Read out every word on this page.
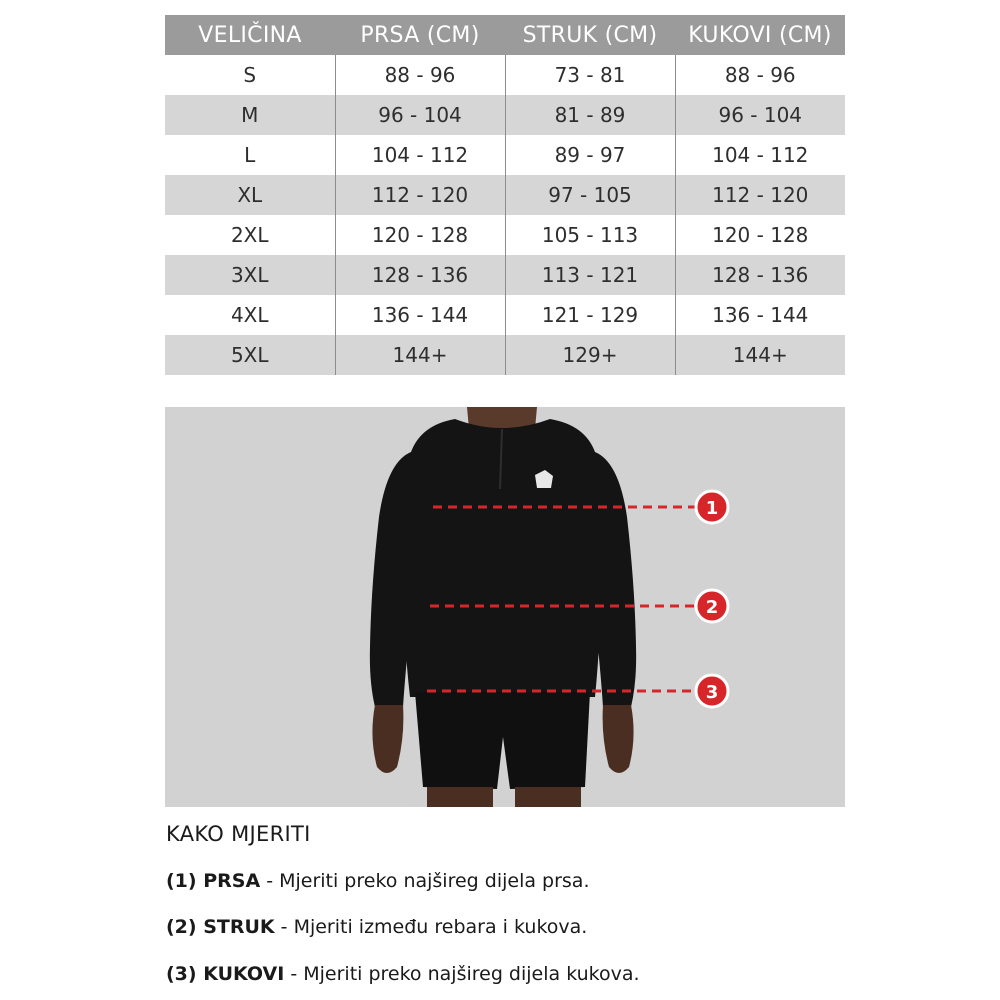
VELIČINA	PRSA (CM)	STRUK (CM)	KUKOVI (CM)
S	88 - 96	73 - 81	88 - 96
M	96 - 104	81 - 89	96 - 104
L	104 - 112	89 - 97	104 - 112
XL	112 - 120	97 - 105	112 - 120
2XL	120 - 128	105 - 113	120 - 128
3XL	128 - 136	113 - 121	128 - 136
4XL	136 - 144	121 - 129	136 - 144
5XL	144+	129+	144+
1
2
3
KAKO MJERITI
(1) PRSA - Mjeriti preko najšireg dijela prsa.
(2) STRUK - Mjeriti između rebara i kukova.
(3) KUKOVI - Mjeriti preko najšireg dijela kukova.
